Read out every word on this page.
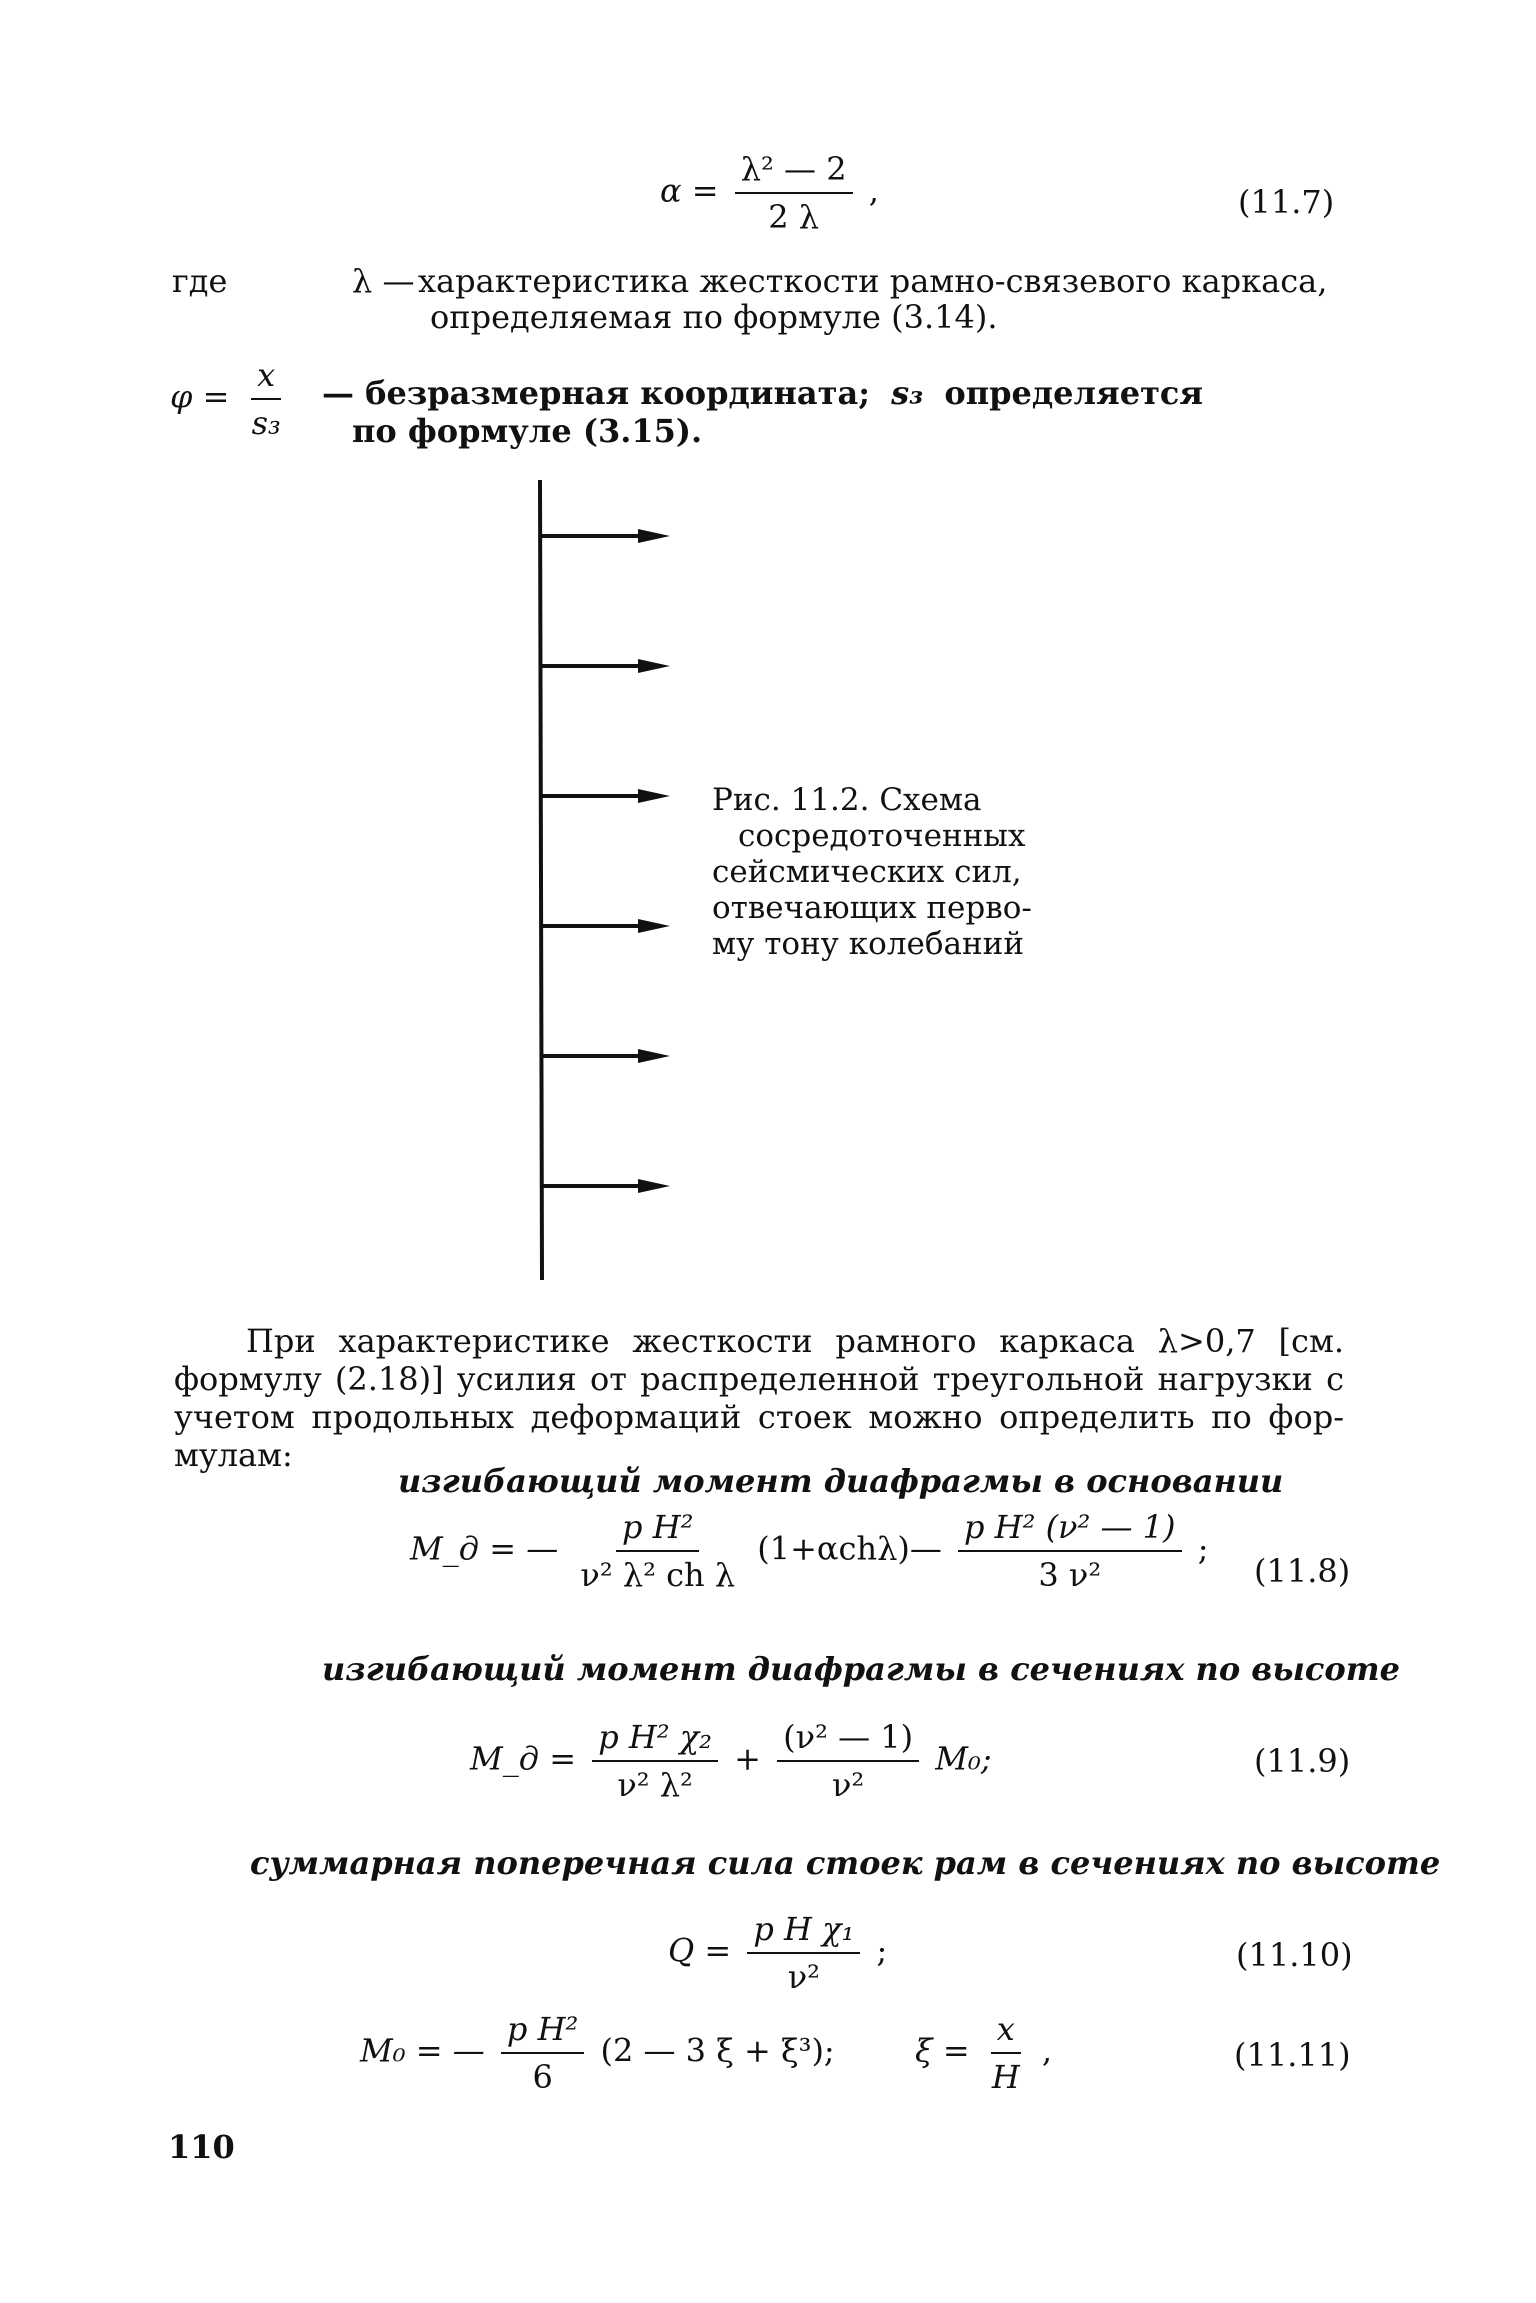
$\alpha = \frac{\text{λ² — 2}}{2 \lambda}$ ,	(11.7)
где	λ — характеристика жесткости рамно-связевого каркаса,
определяемая по формуле (3.14).
$\varphi = \frac{x}{\text{s₃}}$ — безразмерная координата; s₃ определяется
по формуле (3.15).
Рис. 11.2. Схема
сосредоточенных
сейсмических сил,
отвечающих перво-
му тону колебаний
При характеристике жесткости рамного каркаса λ>0,7 [см.
формулу (2.18)] усилия от распределенной треугольной нагрузки с
учетом продольных деформаций стоек можно определить по фор-
мулам:
изгибающий момент диафрагмы в основании
M_д = — $\frac{\text{p H²}}{\text{ν² λ² ch λ}}$ (1+αchλ)— $\frac{\text{p H² (ν² — 1)}}{\text{3 ν²}}$ ;
(11.8)
изгибающий момент диафрагмы в сечениях по высоте
M_д = $\frac{\text{p H² χ₂}}{\text{ν² λ²}} + \frac{\text{(ν² — 1)}}{\text{ν²}} M_0$;	(11.9)
суммарная поперечная сила стоек рам в сечениях по высоте
$Q = \frac{\text{p H χ₁}}{\text{ν²}}$ ;	(11.10)
M₀ = — $\frac{\text{p H²}}{6} (2$ — 3 ξ + ξ³);	$\xi = \frac{x}{H}$ ,	(11.11)
110
